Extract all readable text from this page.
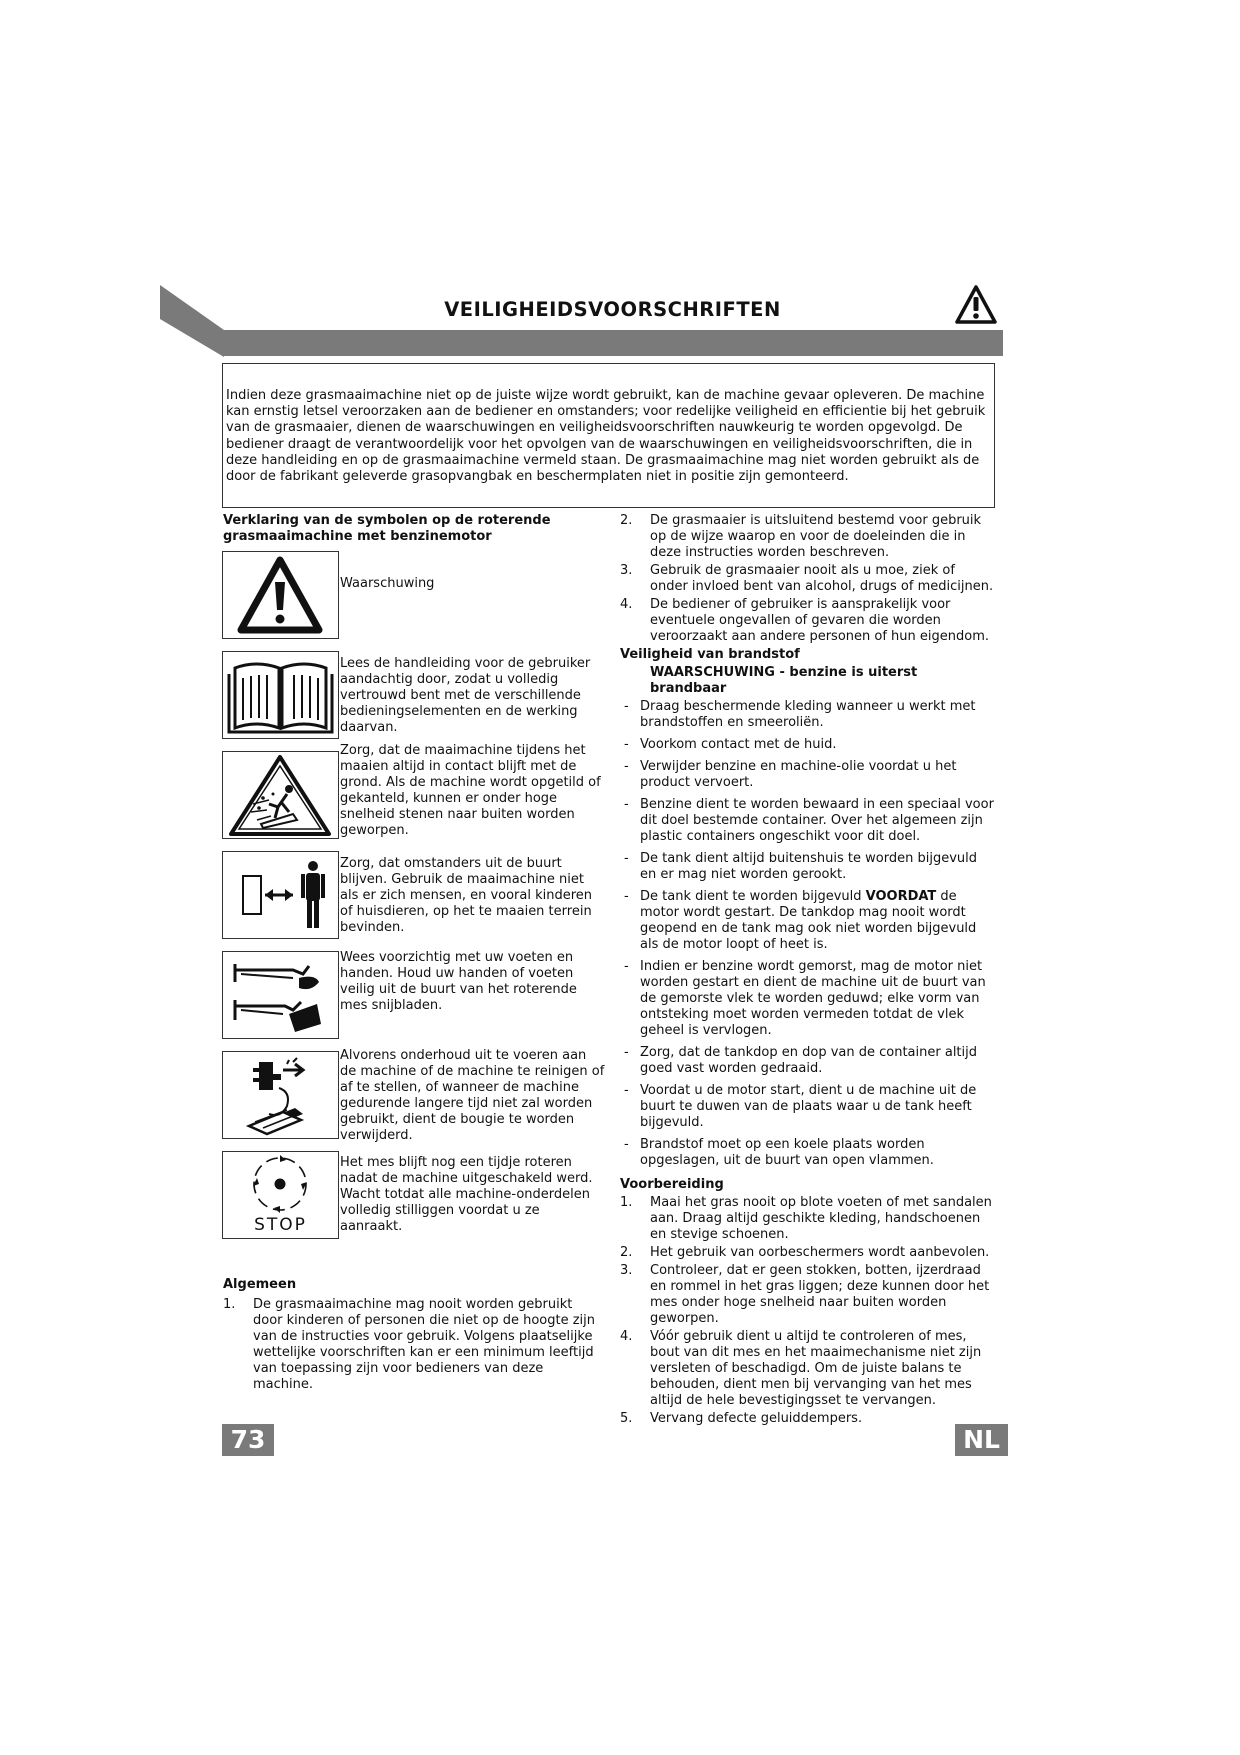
VEILIGHEIDSVOORSCHRIFTEN
Indien deze grasmaaimachine niet op de juiste wijze wordt gebruikt, kan de machine gevaar opleveren. De machine kan ernstig letsel veroorzaken aan de bediener en omstanders; voor redelijke veiligheid en efficientie bij het gebruik van de grasmaaier, dienen de waarschuwingen en veiligheidsvoorschriften nauwkeurig te worden opgevolgd. De bediener draagt de verantwoordelijk voor het opvolgen van de waarschuwingen en veiligheidsvoorschriften, die in deze handleiding en op de grasmaaimachine vermeld staan. De grasmaaimachine mag niet worden gebruikt als de door de fabrikant geleverde grasopvangbak en beschermplaten niet in positie zijn gemonteerd.
Verklaring van de symbolen op de roterende grasmaaimachine met benzinemotor
Waarschuwing
Lees de handleiding voor de gebruiker aandachtig door, zodat u volledig vertrouwd bent met de verschillende bedieningselementen en de werking daarvan.
Zorg, dat de maaimachine tijdens het maaien altijd in contact blijft met de grond. Als de machine wordt opgetild of gekanteld, kunnen er onder hoge snelheid stenen naar buiten worden geworpen.
Zorg, dat omstanders uit de buurt blijven. Gebruik de maaimachine niet als er zich mensen, en vooral kinderen of huisdieren, op het te maaien terrein bevinden.
Wees voorzichtig met uw voeten en handen. Houd uw handen of voeten veilig uit de buurt van het roterende mes snijbladen.
Alvorens onderhoud uit te voeren aan de machine of de machine te reinigen of af te stellen, of wanneer de machine gedurende langere tijd niet zal worden gebruikt, dient de bougie te worden verwijderd.
STOP
Het mes blijft nog een tijdje roteren nadat de machine uitgeschakeld werd. Wacht totdat alle machine-onderdelen volledig stilliggen voordat u ze aanraakt.
Algemeen
1. De grasmaaimachine mag nooit worden gebruikt door kinderen of personen die niet op de hoogte zijn van de instructies voor gebruik. Volgens plaatselijke wettelijke voorschriften kan er een minimum leeftijd van toepassing zijn voor bedieners van deze machine.
2. De grasmaaier is uitsluitend bestemd voor gebruik op de wijze waarop en voor de doeleinden die in deze instructies worden beschreven.
3. Gebruik de grasmaaier nooit als u moe, ziek of onder invloed bent van alcohol, drugs of medicijnen.
4. De bediener of gebruiker is aansprakelijk voor eventuele ongevallen of gevaren die worden veroorzaakt aan andere personen of hun eigendom.
Veiligheid van brandstof
WAARSCHUWING - benzine is uiterst brandbaar
- Draag beschermende kleding wanneer u werkt met brandstoffen en smeeroliën.
- Voorkom contact met de huid.
- Verwijder benzine en machine-olie voordat u het product vervoert.
- Benzine dient te worden bewaard in een speciaal voor dit doel bestemde container. Over het algemeen zijn plastic containers ongeschikt voor dit doel.
- De tank dient altijd buitenshuis te worden bijgevuld en er mag niet worden gerookt.
- De tank dient te worden bijgevuld VOORDAT de motor wordt gestart. De tankdop mag nooit wordt geopend en de tank mag ook niet worden bijgevuld als de motor loopt of heet is.
- Indien er benzine wordt gemorst, mag de motor niet worden gestart en dient de machine uit de buurt van de gemorste vlek te worden geduwd; elke vorm van ontsteking moet worden vermeden totdat de vlek geheel is vervlogen.
- Zorg, dat de tankdop en dop van de container altijd goed vast worden gedraaid.
- Voordat u de motor start, dient u de machine uit de buurt te duwen van de plaats waar u de tank heeft bijgevuld.
- Brandstof moet op een koele plaats worden opgeslagen, uit de buurt van open vlammen.
Voorbereiding
1. Maai het gras nooit op blote voeten of met sandalen aan. Draag altijd geschikte kleding, handschoenen en stevige schoenen.
2. Het gebruik van oorbeschermers wordt aanbevolen.
3. Controleer, dat er geen stokken, botten, ijzerdraad en rommel in het gras liggen; deze kunnen door het mes onder hoge snelheid naar buiten worden geworpen.
4. Vóór gebruik dient u altijd te controleren of mes, bout van dit mes en het maaimechanisme niet zijn versleten of beschadigd. Om de juiste balans te behouden, dient men bij vervanging van het mes altijd de hele bevestigingsset te vervangen.
5. Vervang defecte geluiddempers.
73	NL
